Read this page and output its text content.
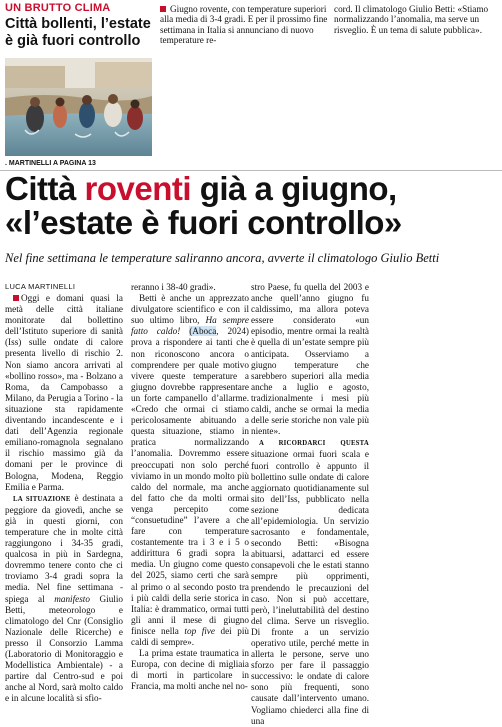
UN BRUTTO CLIMA
Città bollenti, l’estate è già fuori controllo
. MARTINELLI A PAGINA 13

Giugno rovente, con temperature superiori alla media di 3-4 gradi. E per il prossimo fine settimana in Italia si annunciano di nuovo temperature re-

cord. Il climatologo Giulio Betti: «Stiamo normalizzando l’anomalia, ma serve un risveglio. È un tema di salute pubblica».

Città roventi già a giugno, «l’estate è fuori controllo»

Nel fine settimana le temperature saliranno ancora, avverte il climatologo Giulio Betti

LUCA MARTINELLI

Oggi e domani quasi la metà delle città italiane monitorate dal bollettino dell’Istituto superiore di sanità (Iss) sulle ondate di calore presenta livello di rischio 2. Non siamo ancora arrivati al «bollino rosso», ma - Bolzano a Roma, da Campobasso a Milano, da Perugia a Torino - la situazione sta rapidamente diventando incandescente e i dati dell’Agenzia regionale emiliano-romagnola segnalano il rischio massimo già da domani per le province di Bologna, Modena, Reggio Emilia e Parma.

LA SITUAZIONE è destinata a peggiore da giovedì, anche se già in questi giorni, con temperature che in molte città raggiungono i 34-35 gradi, qualcosa in più in Sardegna, dovremmo tenere conto che ci troviamo 3-4 gradi sopra la media. Nel fine settimana - spiega al manifesto Giulio Betti, meteorologo e climatologo del Cnr (Consiglio Nazionale delle Ricerche) e presso il Consorzio Lamma (Laboratorio di Monitoraggio e Modellistica Ambientale) - a partire dal Centro-sud e poi anche al Nord, sarà molto caldo e in alcune località si sfio-

reranno i 38-40 gradi».

Betti è anche un apprezzato divulgatore scientifico e con il suo ultimo libro, Ha sempre fatto caldo! (Aboca, 2024) prova a rispondere ai tanti che non riconoscono ancora o comprendere per quale motivo vivere queste temperature a giugno dovrebbe rappresentare un forte campanello d’allarme. «Credo che ormai ci stiamo pericolosamente abituando a questa situazione, stiamo in pratica normalizzando l’anomalia. Dovremmo essere preoccupati non solo perché viviamo in un mondo molto più caldo del normale, ma anche del fatto che da molti ormai venga percepito come “consuetudine” l’avere a che fare con temperature costantemente tra i 3 e i 5 o addirittura 6 gradi sopra la media. Un giugno come questo del 2025, siamo certi che sarà al primo o al secondo posto tra i più caldi della serie storica in Italia: è drammatico, ormai tutti gli anni il mese di giugno finisce nella top five dei più caldi di sempre».

La prima estate traumatica in Europa, con decine di migliaia di morti in particolare in Francia, ma molti anche nel no-

stro Paese, fu quella del 2003 e anche quell’anno giugno fu caldissimo, ma allora poteva essere considerato «un episodio, mentre ormai la realtà è quella di un’estate sempre più anticipata. Osserviamo a giugno temperature che sarebbero superiori alla media anche a luglio e agosto, tradizionalmente i mesi più caldi, anche se ormai la media delle serie storiche non vale più niente».

A RICORDARCI QUESTA situazione ormai fuori scala e fuori controllo è appunto il bollettino sulle ondate di calore aggiornato quotidianamente sul sito dell’Iss, pubblicato nella sezione dedicata all’epidemiologia. Un servizio sacrosanto e fondamentale, secondo Betti: «Bisogna abituarsi, adattarci ed essere consapevoli che le estati stanno sempre più opprimenti, prendendo le precauzioni del caso. Non si può accettare, però, l’ineluttabilità del destino del clima. Serve un risveglio. Di fronte a un servizio operativo utile, perché mette in allerta le persone, serve uno sforzo per fare il passaggio successivo: le ondate di calore sono più frequenti, sono causate dall’intervento umano. Vogliamo chiederci alla fine di una
